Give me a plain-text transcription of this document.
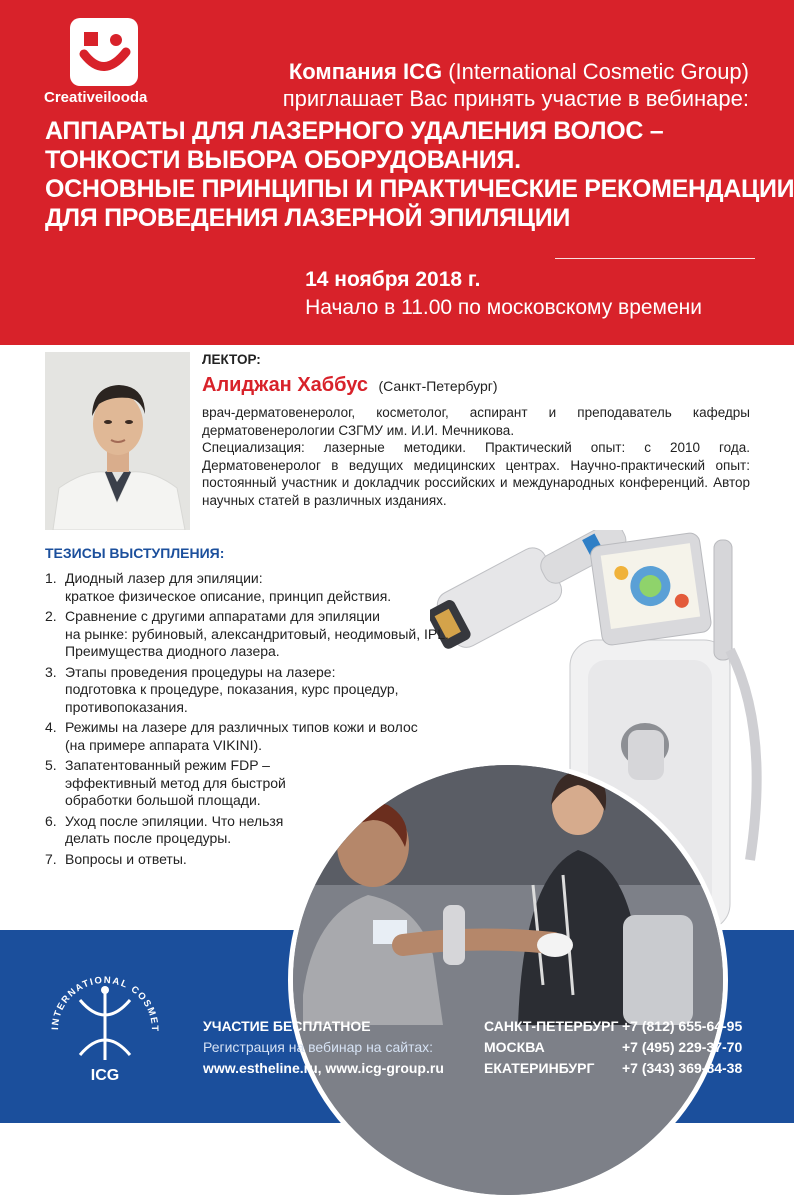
Creativeilooda
Компания ICG (International Cosmetic Group)
приглашает Вас принять участие в вебинаре:
АППАРАТЫ ДЛЯ ЛАЗЕРНОГО УДАЛЕНИЯ ВОЛОС –
ТОНКОСТИ ВЫБОРА ОБОРУДОВАНИЯ.
ОСНОВНЫЕ ПРИНЦИПЫ И ПРАКТИЧЕСКИЕ РЕКОМЕНДАЦИИ
ДЛЯ ПРОВЕДЕНИЯ ЛАЗЕРНОЙ ЭПИЛЯЦИИ
14 ноября 2018 г.
Начало в 11.00 по московскому времени
ЛЕКТОР:
Алиджан Хаббус (Санкт-Петербург)

врач-дерматовенеролог, косметолог, аспирант и преподаватель кафедры дерматовенерологии СЗГМУ им. И.И. Мечникова.

Специализация: лазерные методики. Практический опыт: с 2010 года. Дерматовенеролог в ведущих медицинских центрах. Научно-практический опыт: постоянный участник и докладчик российских и международных конференций. Автор научных статей в различных изданиях.

ТЕЗИСЫ ВЫСТУПЛЕНИЯ:
1. Диодный лазер для эпиляции:
краткое физическое описание, принцип действия.
2. Сравнение с другими аппаратами для эпиляции
на рынке: рубиновый, александритовый, неодимовый, IPL.
Преимущества диодного лазера.
3. Этапы проведения процедуры на лазере:
подготовка к процедуре, показания, курс процедур,
противопоказания.
4. Режимы на лазере для различных типов кожи и волос
(на примере аппарата VIKINI).
5. Запатентованный режим FDP –
эффективный метод для быстрой
обработки большой площади.
6. Уход после эпиляции. Что нельзя
делать после процедуры.
7. Вопросы и ответы.
INTERNATIONAL COSMET
ICG
УЧАСТИЕ БЕСПЛАТНОЕ
Регистрация на вебинар на сайтах:
www.estheline.ru, www.icg-group.ru
САНКТ-ПЕТЕРБУРГ
МОСКВА
ЕКАТЕРИНБУРГ
+7 (812) 655-64-95
+7 (495) 229-37-70
+7 (343) 369-84-38
